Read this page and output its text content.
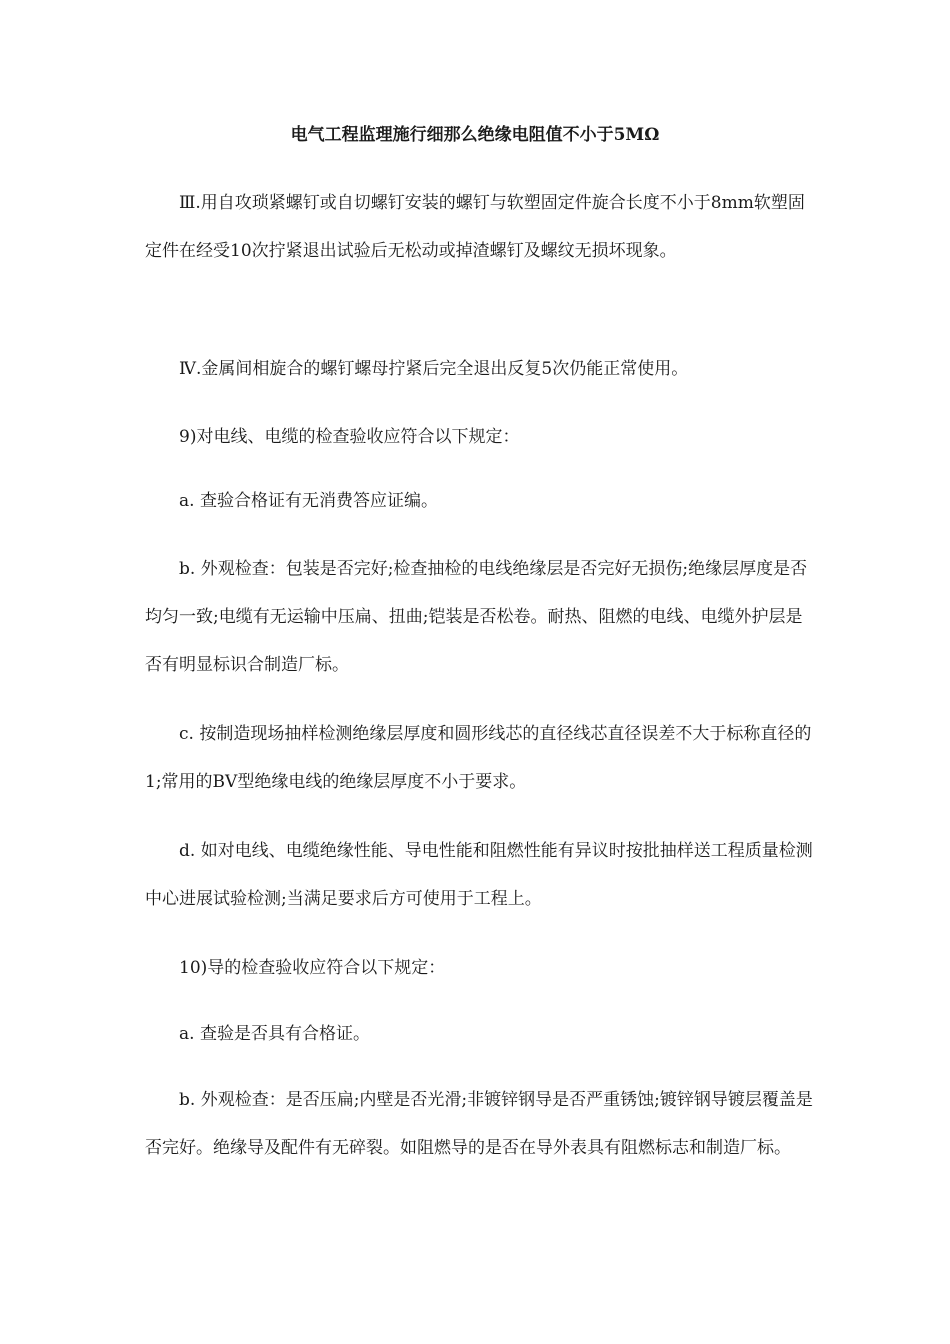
电气工程监理施行细那么绝缘电阻值不小于5MΩ

Ⅲ.用自攻琐紧螺钉或自切螺钉安装的螺钉与软塑固定件旋合长度不小于8mm软塑固定件在经受10次拧紧退出试验后无松动或掉渣螺钉及螺纹无损坏现象。

Ⅳ.金属间相旋合的螺钉螺母拧紧后完全退出反复5次仍能正常使用。

9)对电线、电缆的检查验收应符合以下规定：

a. 查验合格证有无消费答应证编。

b. 外观检查：包装是否完好;检查抽检的电线绝缘层是否完好无损伤;绝缘层厚度是否均匀一致;电缆有无运输中压扁、扭曲;铠装是否松卷。耐热、阻燃的电线、电缆外护层是否有明显标识合制造厂标。

c. 按制造现场抽样检测绝缘层厚度和圆形线芯的直径线芯直径误差不大于标称直径的1;常用的BV型绝缘电线的绝缘层厚度不小于要求。

d. 如对电线、电缆绝缘性能、导电性能和阻燃性能有异议时按批抽样送工程质量检测中心进展试验检测;当满足要求后方可使用于工程上。

10)导的检查验收应符合以下规定：

a. 查验是否具有合格证。

b. 外观检查：是否压扁;内壁是否光滑;非镀锌钢导是否严重锈蚀;镀锌钢导镀层覆盖是否完好。绝缘导及配件有无碎裂。如阻燃导的是否在导外表具有阻燃标志和制造厂标。
